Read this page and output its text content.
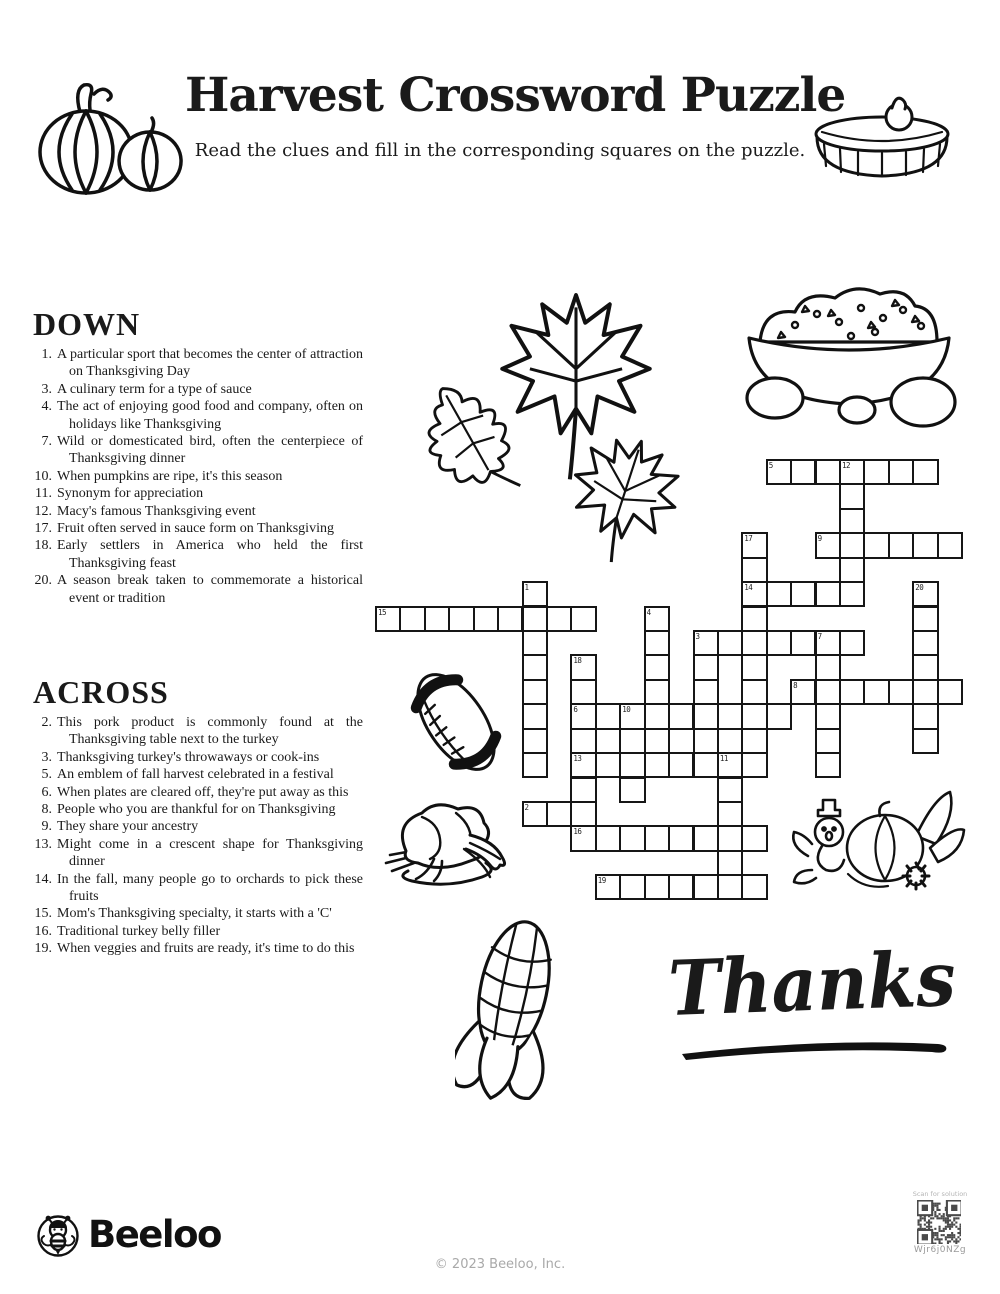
Harvest Crossword Puzzle
Read the clues and fill in the corresponding squares on the puzzle.
DOWN
1. A particular sport that becomes the center of attraction on Thanksgiving Day
3. A culinary term for a type of sauce
4. The act of enjoying good food and company, often on holidays like Thanksgiving
7. Wild or domesticated bird, often the centerpiece of Thanksgiving dinner
10. When pumpkins are ripe, it's this season
11. Synonym for appreciation
12. Macy's famous Thanksgiving event
17. Fruit often served in sauce form on Thanksgiving
18. Early settlers in America who held the first Thanksgiving feast
20. A season break taken to commemorate a historical event or tradition
ACROSS
2. This pork product is commonly found at the Thanksgiving table next to the turkey
3. Thanksgiving turkey's throwaways or cook-ins
5. An emblem of fall harvest celebrated in a festival
6. When plates are cleared off, they're put away as this
8. People who you are thankful for on Thanksgiving
9. They share your ancestry
13. Might come in a crescent shape for Thanksgiving dinner
14. In the fall, many people go to orchards to pick these fruits
15. Mom's Thanksgiving specialty, it starts with a 'C'
16. Traditional turkey belly filler
19. When veggies and fruits are ready, it's time to do this
5	12
9
14
15
3	7
8
6	10
13	11
2
16
19
1
17
20
4
18
Thanks
Beeloo
© 2023 Beeloo, Inc.
Scan for solution
Wjr6j0NZg
